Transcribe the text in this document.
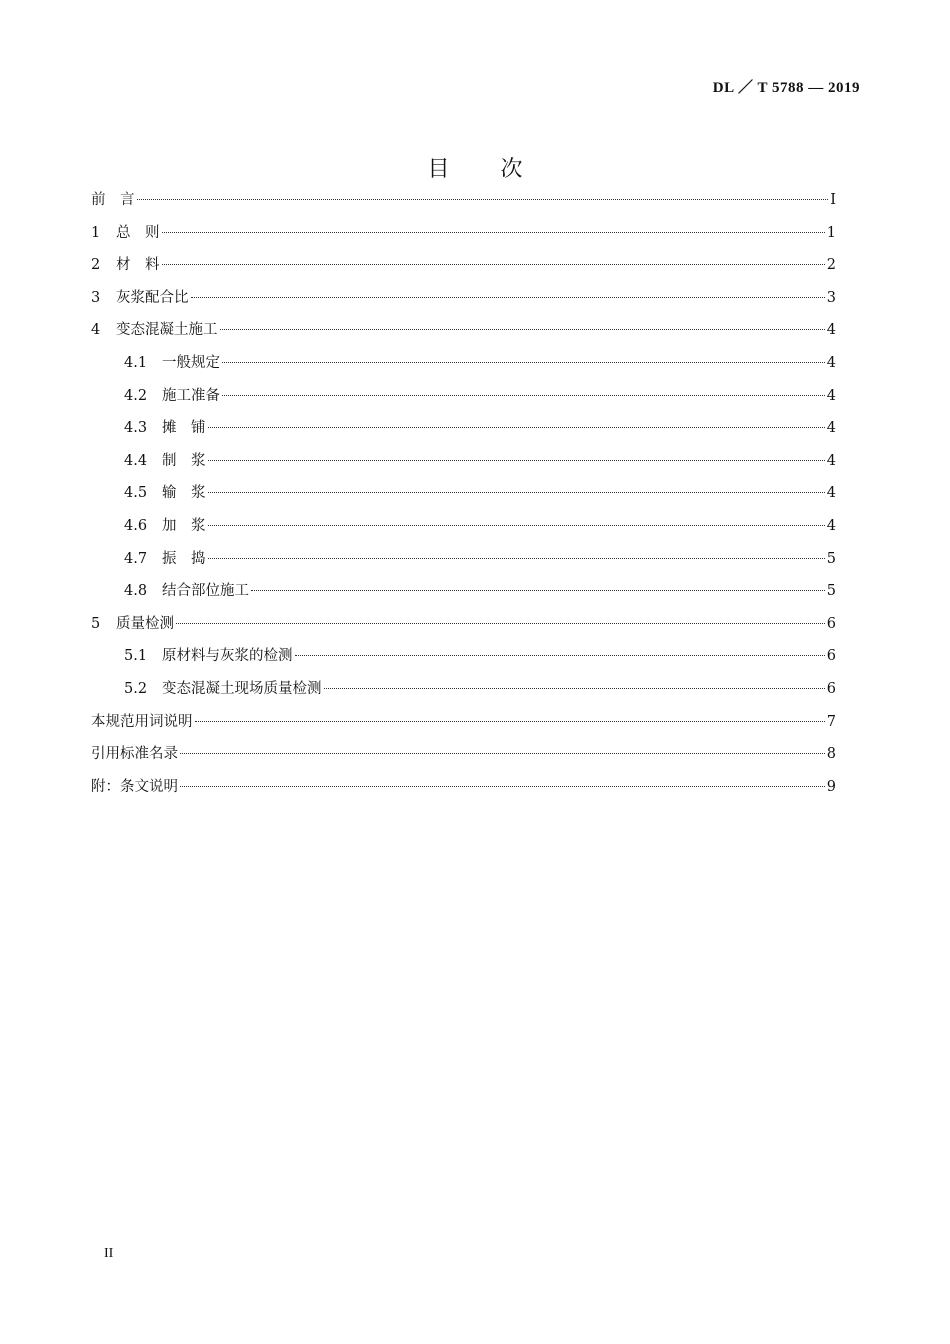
DL ／ T 5788 — 2019
目 次
前　言	I
1	总　则	1
2	材　料	2
3	灰浆配合比	3
4	变态混凝土施工	4
4.1	一般规定	4
4.2	施工准备	4
4.3	摊　铺	4
4.4	制　浆	4
4.5	输　浆	4
4.6	加　浆	4
4.7	振　捣	5
4.8	结合部位施工	5
5	质量检测	6
5.1	原材料与灰浆的检测	6
5.2	变态混凝土现场质量检测	6
本规范用词说明	7
引用标准名录	8
附：条文说明	9
II
